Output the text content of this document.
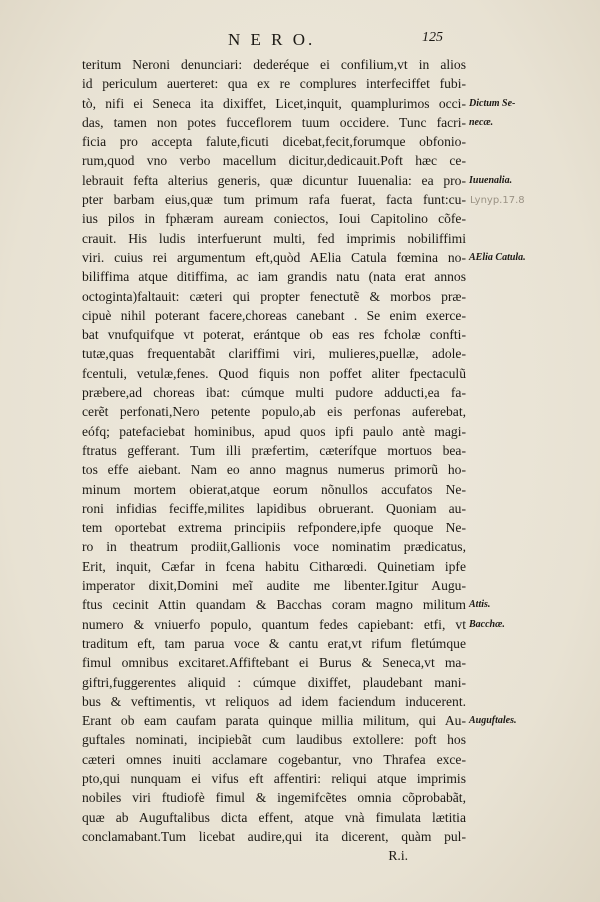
N E R O.	125
teritum Neroni denunciari: dederéque ei confilium,vt in alios
id periculum auerteret: qua ex re complures interfeciffet fubi-
tò, nifi ei Seneca ita dixiffet, Licet,inquit, quamplurimos occi-
das, tamen non potes fucceflorem tuum occidere. Tunc facri-
ficia pro accepta falute,ficuti dicebat,fecit,forumque obfonio-
rum,quod vno verbo macellum dicitur,dedicauit.Poft hæc ce-
lebrauit fefta alterius generis, quæ dicuntur Iuuenalia: ea pro-
pter barbam eius,quæ tum primum rafa fuerat, facta funt:cu-
ius pilos in fphæram auream coniectos, Ioui Capitolino cõfe-
crauit. His ludis interfuerunt multi, fed imprimis nobiliffimi
viri. cuius rei argumentum eft,quòd AElia Catula fœmina no-
biliffima atque ditiffima, ac iam grandis natu (nata erat annos
octoginta)faltauit: cæteri qui propter fenectutẽ & morbos præ-
cipuè nihil poterant facere,choreas canebant . Se enim exerce-
bat vnufquifque vt poterat, erántque ob eas res fcholæ confti-
tutæ,quas frequentabãt clariffimi viri, mulieres,puellæ, adole-
fcentuli, vetulæ,fenes. Quod fiquis non poffet aliter fpectaculũ
præbere,ad choreas ibat: cúmque multi pudore adducti,ea fa-
cerẽt perfonati,Nero petente populo,ab eis perfonas auferebat,
eófq; patefaciebat hominibus, apud quos ipfi paulo antè magi-
ftratus gefferant. Tum illi præfertim, cæterífque mortuos bea-
tos effe aiebant. Nam eo anno magnus numerus primorũ ho-
minum mortem obierat,atque eorum nõnullos accufatos Ne-
roni infidias feciffe,milites lapidibus obruerant. Quoniam au-
tem oportebat extrema principiis refpondere,ipfe quoque Ne-
ro in theatrum prodiit,Gallionis voce nominatim prædicatus,
Erit, inquit, Cæfar in fcena habitu Citharœdi. Quinetiam ipfe
imperator dixit,Domini meĩ audite me libenter.Igitur Augu-
ftus cecinit Attin quandam & Bacchas coram magno militum
numero & vniuerfo populo, quantum fedes capiebant: etfi, vt
traditum eft, tam parua voce & cantu erat,vt rifum fletúmque
fimul omnibus excitaret.Affiftebant ei Burus & Seneca,vt ma-
giftri,fuggerentes aliquid : cúmque dixiffet, plaudebant mani-
bus & veftimentis, vt reliquos ad idem faciendum inducerent.
Erant ob eam caufam parata quinque millia militum, qui Au-
guftales nominati, incipiebãt cum laudibus extollere: poft hos
cæteri omnes inuiti acclamare cogebantur, vno Thrafea exce-
pto,qui nunquam ei vifus eft affentiri: reliqui atque imprimis
nobiles viri ftudiofè fimul & ingemifcẽtes omnia cõprobabãt,
quæ ab Auguftalibus dicta effent, atque vnà fimulata lætitia
conclamabant.Tum licebat audire,qui ita dicerent, quàm pul-
R.i.
Dictum Se-
necæ.
Iuuenalia.
AElia Catula.
Attis.
Bacchæ.
Auguftales.
Lynyp.17.8
